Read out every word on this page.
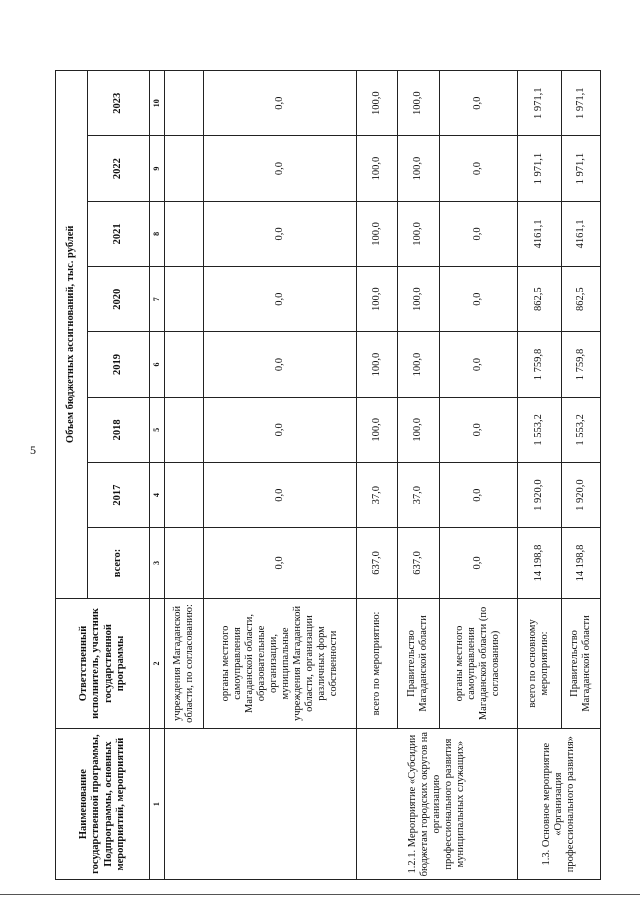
5
Наименование государственной программы, Подпрограммы, основных мероприятий, мероприятий	Ответственный исполнитель, участник государственной программы	Объем бюджетных ассигнований, тыс. рублей							
		всего:	2017	2018	2019	2020	2021	2022	2023
1	2	3	4	5	6	7	8	9	10
	учреждения Магаданской области, по согласованию:								
	органы местного самоуправления Магаданской области, образовательные организации, муниципальные учреждения Магаданской области, организации различных форм собственности	0,0	0,0	0,0	0,0	0,0	0,0	0,0	0,0
1.2.1. Мероприятие «Субсидии бюджетам городских округов на организацию профессионального развития муниципальных служащих»	всего по мероприятию:	637,0	37,0	100,0	100,0	100,0	100,0	100,0	100,0
	Правительство Магаданской области	637,0	37,0	100,0	100,0	100,0	100,0	100,0	100,0
	органы местного самоуправления Магаданской области (по согласованию)	0,0	0,0	0,0	0,0	0,0	0,0	0,0	0,0
1.3. Основное мероприятие «Организация профессионального развития»	всего по основному мероприятию:	14 198,8	1 920,0	1 553,2	1 759,8	862,5	4161,1	1 971,1	1 971,1
	Правительство Магаданской области	14 198,8	1 920,0	1 553,2	1 759,8	862,5	4161,1	1 971,1	1 971,1
